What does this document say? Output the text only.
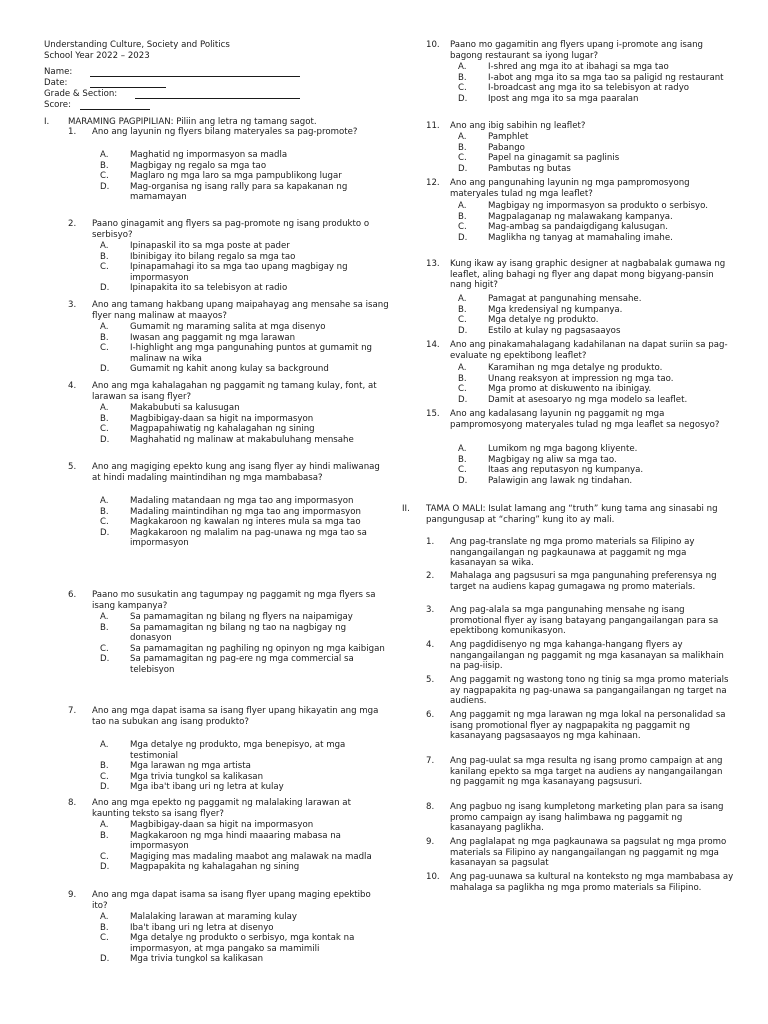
Understanding Culture, Society and Politics
School Year 2022 – 2023
Name:
Date:
Grade & Section:
Score:
I. MARAMING PAGPIPILIAN: Piliin ang letra ng tamang sagot.
1. Ano ang layunin ng flyers bilang materyales sa pag-promote?
A.	Maghatid ng impormasyon sa madla
B. Magbigay ng regalo sa mga tao
C. Maglaro ng mga laro sa mga pampublikong lugar
D. Mag-organisa ng isang rally para sa kapakanan ng mamamayan
2. Paano ginagamit ang flyers sa pag-promote ng isang produkto o serbisyo?
A.	Ipinapaskil ito sa mga poste at pader
B. Ibinibigay ito bilang regalo sa mga tao
C. Ipinapamahagi ito sa mga tao upang magbigay ng impormasyon
D. Ipinapakita ito sa telebisyon at radio
3. Ano ang tamang hakbang upang maipahayag ang mensahe sa isang flyer nang malinaw at maayos?
A.	Gumamit ng maraming salita at mga disenyo
B. Iwasan ang paggamit ng mga larawan
C. I-highlight ang mga pangunahing puntos at gumamit ng malinaw na wika
D. Gumamit ng kahit anong kulay sa background
4. Ano ang mga kahalagahan ng paggamit ng tamang kulay, font, at larawan sa isang flyer?
A.	Makabubuti sa kalusugan
B. Magbibigay-daan sa higit na impormasyon
C. Magpapahiwatig ng kahalagahan ng sining
D. Maghahatid ng malinaw at makabuluhang mensahe
5. Ano ang magiging epekto kung ang isang flyer ay hindi maliwanag at hindi madaling maintindihan ng mga mambabasa?
A.	Madaling matandaan ng mga tao ang impormasyon
B. Madaling maintindihan ng mga tao ang impormasyon
C. Magkakaroon ng kawalan ng interes mula sa mga tao
D. Magkakaroon ng malalim na pag-unawa ng mga tao sa impormasyon
6. Paano mo susukatin ang tagumpay ng paggamit ng mga flyers sa isang kampanya?
A.	Sa pamamagitan ng bilang ng flyers na naipamigay
B. Sa pamamagitan ng bilang ng tao na nagbigay ng donasyon
C. Sa pamamagitan ng paghiling ng opinyon ng mga kaibigan
D. Sa pamamagitan ng pag-ere ng mga commercial sa telebisyon
7. Ano ang mga dapat isama sa isang flyer upang hikayatin ang mga tao na subukan ang isang produkto?
A.	Mga detalye ng produkto, mga benepisyo, at mga testimonial
B. Mga larawan ng mga artista
C. Mga trivia tungkol sa kalikasan
D. Mga iba't ibang uri ng letra at kulay
8. Ano ang mga epekto ng paggamit ng malalaking larawan at kaunting teksto sa isang flyer?
A.	Magbibigay-daan sa higit na impormasyon
B. Magkakaroon ng mga hindi maaaring mabasa na impormasyon
C. Magiging mas madaling maabot ang malawak na madla
D. Magpapakita ng kahalagahan ng sining
9. Ano ang mga dapat isama sa isang flyer upang maging epektibo ito?
A.	Malalaking larawan at maraming kulay
B. Iba't ibang uri ng letra at disenyo
C. Mga detalye ng produkto o serbisyo, mga kontak na impormasyon, at mga pangako sa mamimili
D. Mga trivia tungkol sa kalikasan
10. Paano mo gagamitin ang flyers upang i-promote ang isang bagong restaurant sa iyong lugar?
A.	I-shred ang mga ito at ibahagi sa mga tao
B. I-abot ang mga ito sa mga tao sa paligid ng restaurant
C. I-broadcast ang mga ito sa telebisyon at radyo
D. Ipost ang mga ito sa mga paaralan
11. Ano ang ibig sabihin ng leaflet?
A.	Pamphlet
B. Pabango
C. Papel na ginagamit sa paglinis
D. Pambutas ng butas
12. Ano ang pangunahing layunin ng mga pampromosyong materyales tulad ng mga leaflet?
A.	Magbigay ng impormasyon sa produkto o serbisyo.
B. Magpalaganap ng malawakang kampanya.
C. Mag-ambag sa pandaigdigang kalusugan.
D. Maglikha ng tanyag at mamahaling imahe.
13. Kung ikaw ay isang graphic designer at nagbabalak gumawa ng leaflet, aling bahagi ng flyer ang dapat mong bigyang-pansin nang higit?
A.	Pamagat at pangunahing mensahe.
B. Mga kredensiyal ng kumpanya.
C. Mga detalye ng produkto.
D. Estilo at kulay ng pagsasaayos
14. Ano ang pinakamahalagang kadahilanan na dapat suriin sa pag-evaluate ng epektibong leaflet?
A.	Karamihan ng mga detalye ng produkto.
B. Unang reaksyon at impression ng mga tao.
C. Mga promo at diskuwento na ibinigay.
D. Damit at asesoaryo ng mga modelo sa leaflet.
15. Ano ang kadalasang layunin ng paggamit ng mga pampromosyong materyales tulad ng mga leaflet sa negosyo?
A.	Lumikom ng mga bagong kliyente.
B. Magbigay ng aliw sa mga tao.
C. Itaas ang reputasyon ng kumpanya.
D. Palawigin ang lawak ng tindahan.
II. TAMA O MALI: Isulat lamang ang “truth” kung tama ang sinasabi ng pangungusap at “charing” kung ito ay mali.
1. Ang pag-translate ng mga promo materials sa Filipino ay nangangailangan ng pagkaunawa at paggamit ng mga kasanayan sa wika.
2. Mahalaga ang pagsusuri sa mga pangunahing preferensya ng target na audiens kapag gumagawa ng promo materials.
3. Ang pag-alala sa mga pangunahing mensahe ng isang promotional flyer ay isang batayang pangangailangan para sa epektibong komunikasyon.
4. Ang pagdidisenyo ng mga kahanga-hangang flyers ay nangangailangan ng paggamit ng mga kasanayan sa malikhain na pag-iisip.
5. Ang paggamit ng wastong tono ng tinig sa mga promo materials ay nagpapakita ng pag-unawa sa pangangailangan ng target na audiens.
6. Ang paggamit ng mga larawan ng mga lokal na personalidad sa isang promotional flyer ay nagpapakita ng paggamit ng kasanayang pagsasaayos ng mga kahinaan.
7. Ang pag-uulat sa mga resulta ng isang promo campaign at ang kanilang epekto sa mga target na audiens ay nangangailangan ng paggamit ng mga kasanayang pagsusuri.
8. Ang pagbuo ng isang kumpletong marketing plan para sa isang promo campaign ay isang halimbawa ng paggamit ng kasanayang paglikha.
9. Ang paglalapat ng mga pagkaunawa sa pagsulat ng mga promo materials sa Filipino ay nangangailangan ng paggamit ng mga kasanayan sa pagsulat
10. Ang pag-uunawa sa kultural na konteksto ng mga mambabasa ay mahalaga sa paglikha ng mga promo materials sa Filipino.
